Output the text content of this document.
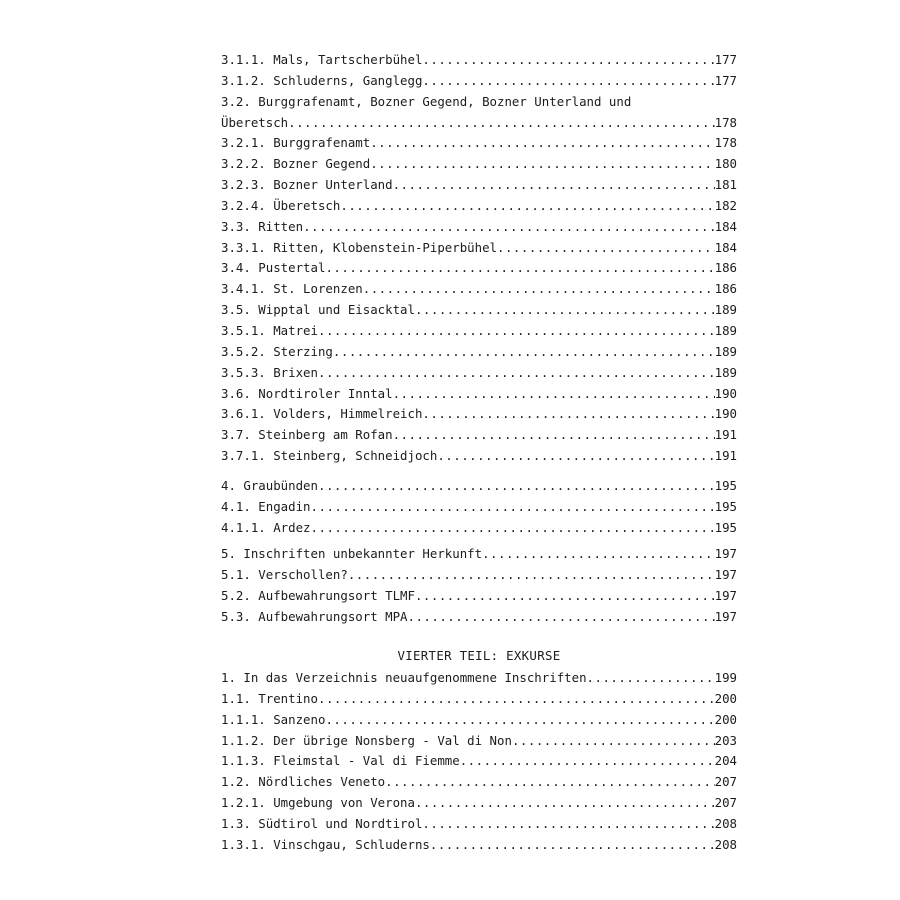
3.1.1. Mals, Tartscherbühel .....	177
3.1.2. Schluderns, Ganglegg .....	177
3.2. Burggrafenamt, Bozner Gegend, Bozner Unterland und
Überetsch .....	178
3.2.1. Burggrafenamt .....	178
3.2.2. Bozner Gegend .....	180
3.2.3. Bozner Unterland .....	181
3.2.4. Überetsch .....	182
3.3. Ritten .....	184
3.3.1. Ritten, Klobenstein-Piperbühel .....	184
3.4. Pustertal .....	186
3.4.1. St. Lorenzen .....	186
3.5. Wipptal und Eisacktal .....	189
3.5.1. Matrei .....	189
3.5.2. Sterzing .....	189
3.5.3. Brixen .....	189
3.6. Nordtiroler Inntal .....	190
3.6.1. Volders, Himmelreich .....	190
3.7. Steinberg am Rofan .....	191
3.7.1. Steinberg, Schneidjoch .....	191
4. Graubünden .....	195
4.1. Engadin .....	195
4.1.1. Ardez .....	195
5. Inschriften unbekannter Herkunft .....	197
5.1. Verschollen? .....	197
5.2. Aufbewahrungsort TLMF .....	197
5.3. Aufbewahrungsort MPA .....	197
VIERTER TEIL: EXKURSE
1. In das Verzeichnis neuaufgenommene Inschriften .....	199
1.1. Trentino .....	200
1.1.1. Sanzeno .....	200
1.1.2. Der übrige Nonsberg - Val di Non .....	203
1.1.3. Fleimstal - Val di Fiemme .....	204
1.2. Nördliches Veneto .....	207
1.2.1. Umgebung von Verona .....	207
1.3. Südtirol und Nordtirol .....	208
1.3.1. Vinschgau, Schluderns .....	208
